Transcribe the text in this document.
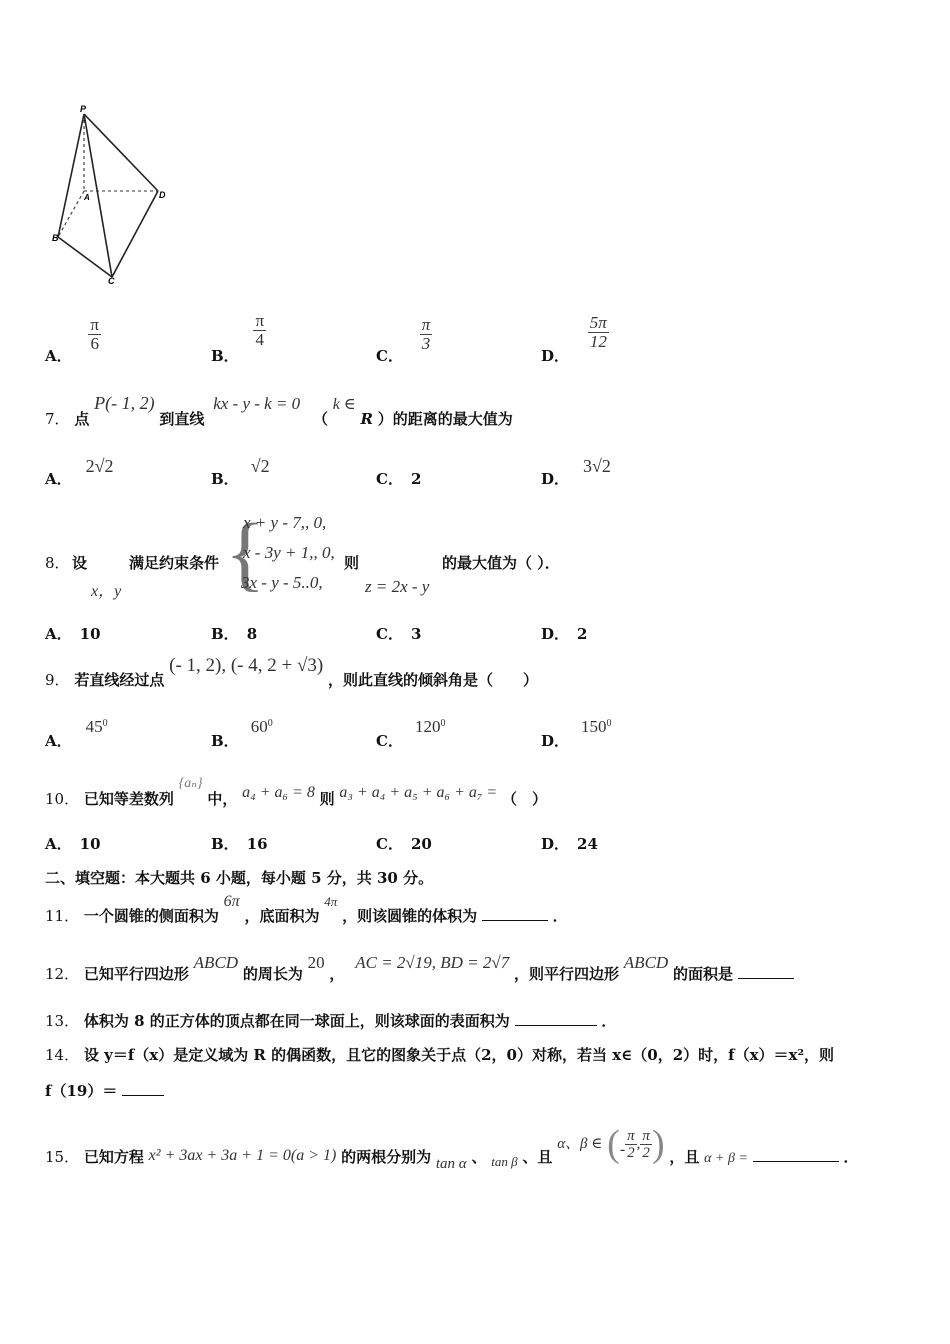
P
A	D
B
C
A．
$\frac{\pi}{6}$
B．
$\frac{\pi}{4}$
C．
$\frac{\pi}{3}$
D．
$\frac{5\pi}{12}$
7． 点 P(- 1, 2) 到直线 kx - y - k = 0 （ k ∈ R ）的距离的最大值为
A．2√2
B．√2
C． 2	D．3√2
8． 设
x，y
满足约束条件 {
x + y - 7,, 0,
x - 3y + 1,, 0,
3x - y - 5..0,
则
z = 2x - y
的最大值为（ ）．
A． 10	B． 8	C． 3	D． 2
9． 若直线经过点 (- 1, 2), (- 4, 2 + √3) ，则此直线的倾斜角是（　　）
A．$45^0$
B．$60^0$
C．$120^0$
D．$150^0$
10． 已知等差数列 {aₙ} 中， a₄ + a₆ = 8 则 a₃ + a₄ + a₅ + a₆ + a₇ = （　）
A． 10	B． 16	C． 20	D． 24
二、填空题：本大题共 6 小题，每小题 5 分，共 30 分。
11． 一个圆锥的侧面积为 6π ，底面积为 4π ，则该圆锥的体积为	．
12． 已知平行四边形 ABCD 的周长为 20 ， AC = 2√19, BD = 2√7 ，则平行四边形 ABCD 的面积是
13． 体积为 8 的正方体的顶点都在同一球面上，则该球面的表面积为	．
14． 设 y＝f（x）是定义域为 R 的偶函数，且它的图象关于点（2，0）对称，若当 x∈（0，2）时，f（x）＝x²，则
f（19）＝
15． 已知方程 x² + 3ax + 3a + 1 = 0(a > 1) 的两根分别为 tan α 、 tan β 、且 α、β ∈ (- $\frac{\pi}{2}$ , $\frac{\pi}{2}$ ) ，且 α + β =	．
